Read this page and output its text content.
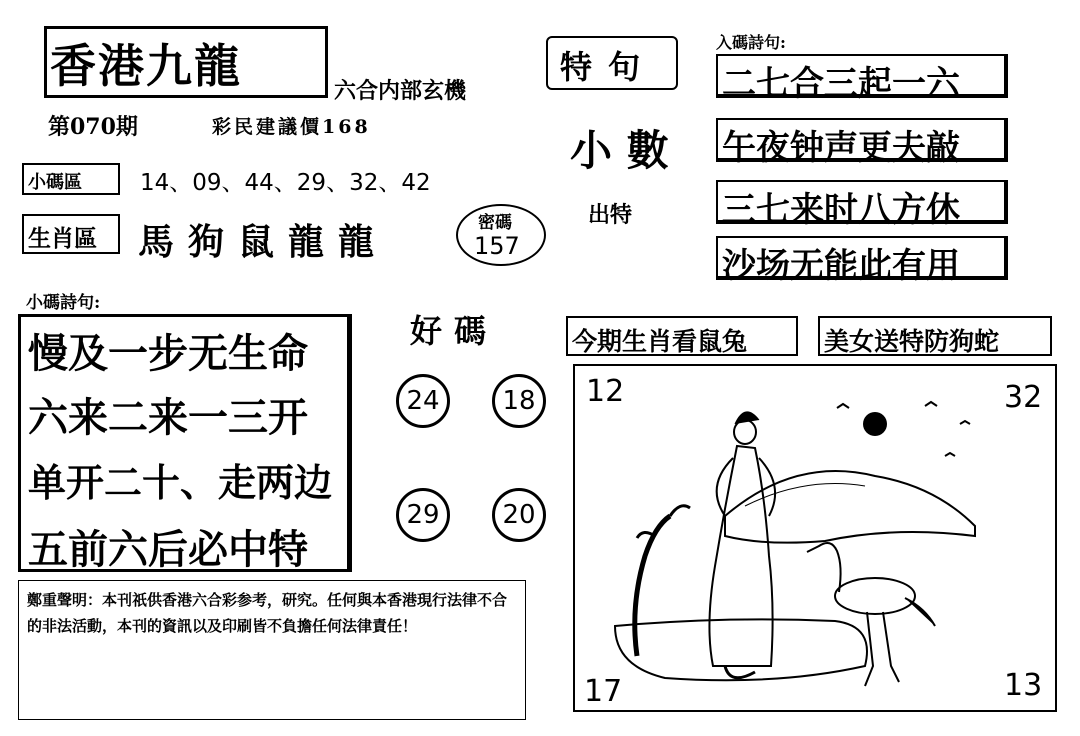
香港九龍	六合内部玄機
第070期	彩民建議價168
小碼區	14、09、44、29、32、42
生肖區 馬狗鼠龍龍	密碼
157
特句
小 數
出特
入碼詩句:
二七合三起一六
午夜钟声更夫敲
三七来时八方休
沙场无能此有用
小碼詩句:
慢及一步无生命
六来二来一三开
单开二十、走两边
五前六后必中特
好碼
24	18
29	20
今期生肖看鼠兔	美女送特防狗蛇
12	32
17	13
鄭重聲明：本刊祇供香港六合彩参考，研究。任何與本香港現行法律不合的非法活動，本刊的資訊以及印刷皆不負擔任何法律責任！
